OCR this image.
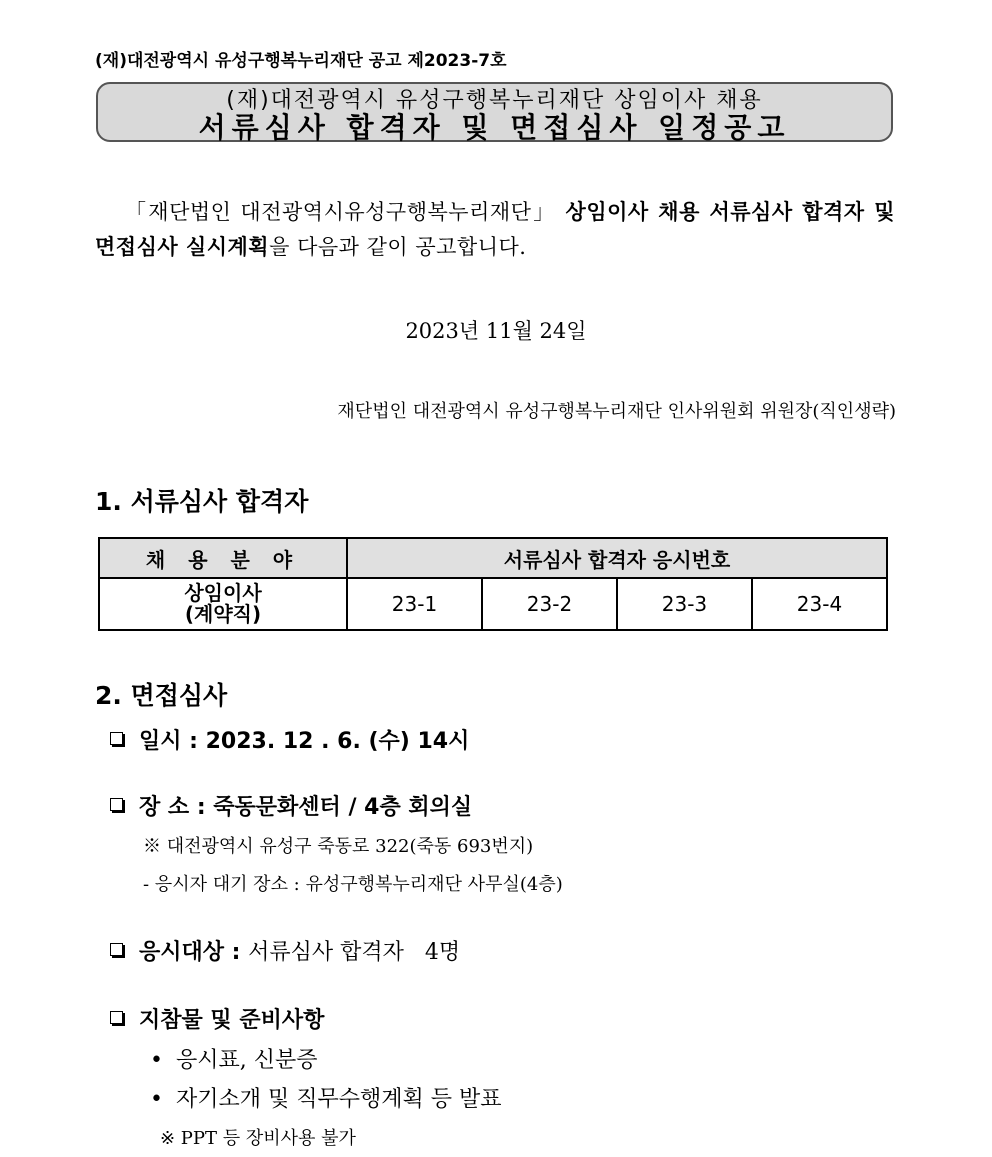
(재)대전광역시 유성구행복누리재단 공고 제2023-7호
(재)대전광역시 유성구행복누리재단 상임이사 채용
서류심사 합격자 및 면접심사 일정공고
「재단법인 대전광역시유성구행복누리재단」 상임이사 채용 서류심사 합격자 및 면접심사 실시계획을 다음과 같이 공고합니다.
2023년 11월 24일
재단법인 대전광역시 유성구행복누리재단 인사위원회 위원장(직인생략)
1. 서류심사 합격자
채 용 분 야	서류심사 합격자 응시번호			

상임이사
(계약직)	23-1	23-2	23-3	23-4
2. 면접심사
일시 : 2023. 12 . 6. (수) 14시
장 소 : 죽동문화센터 / 4층 회의실
※ 대전광역시 유성구 죽동로 322(죽동 693번지)
- 응시자 대기 장소 : 유성구행복누리재단 사무실(4층)
응시대상 : 서류심사 합격자   4명
지참물 및 준비사항
• 응시표, 신분증
• 자기소개 및 직무수행계획 등 발표
※ PPT 등 장비사용 불가
